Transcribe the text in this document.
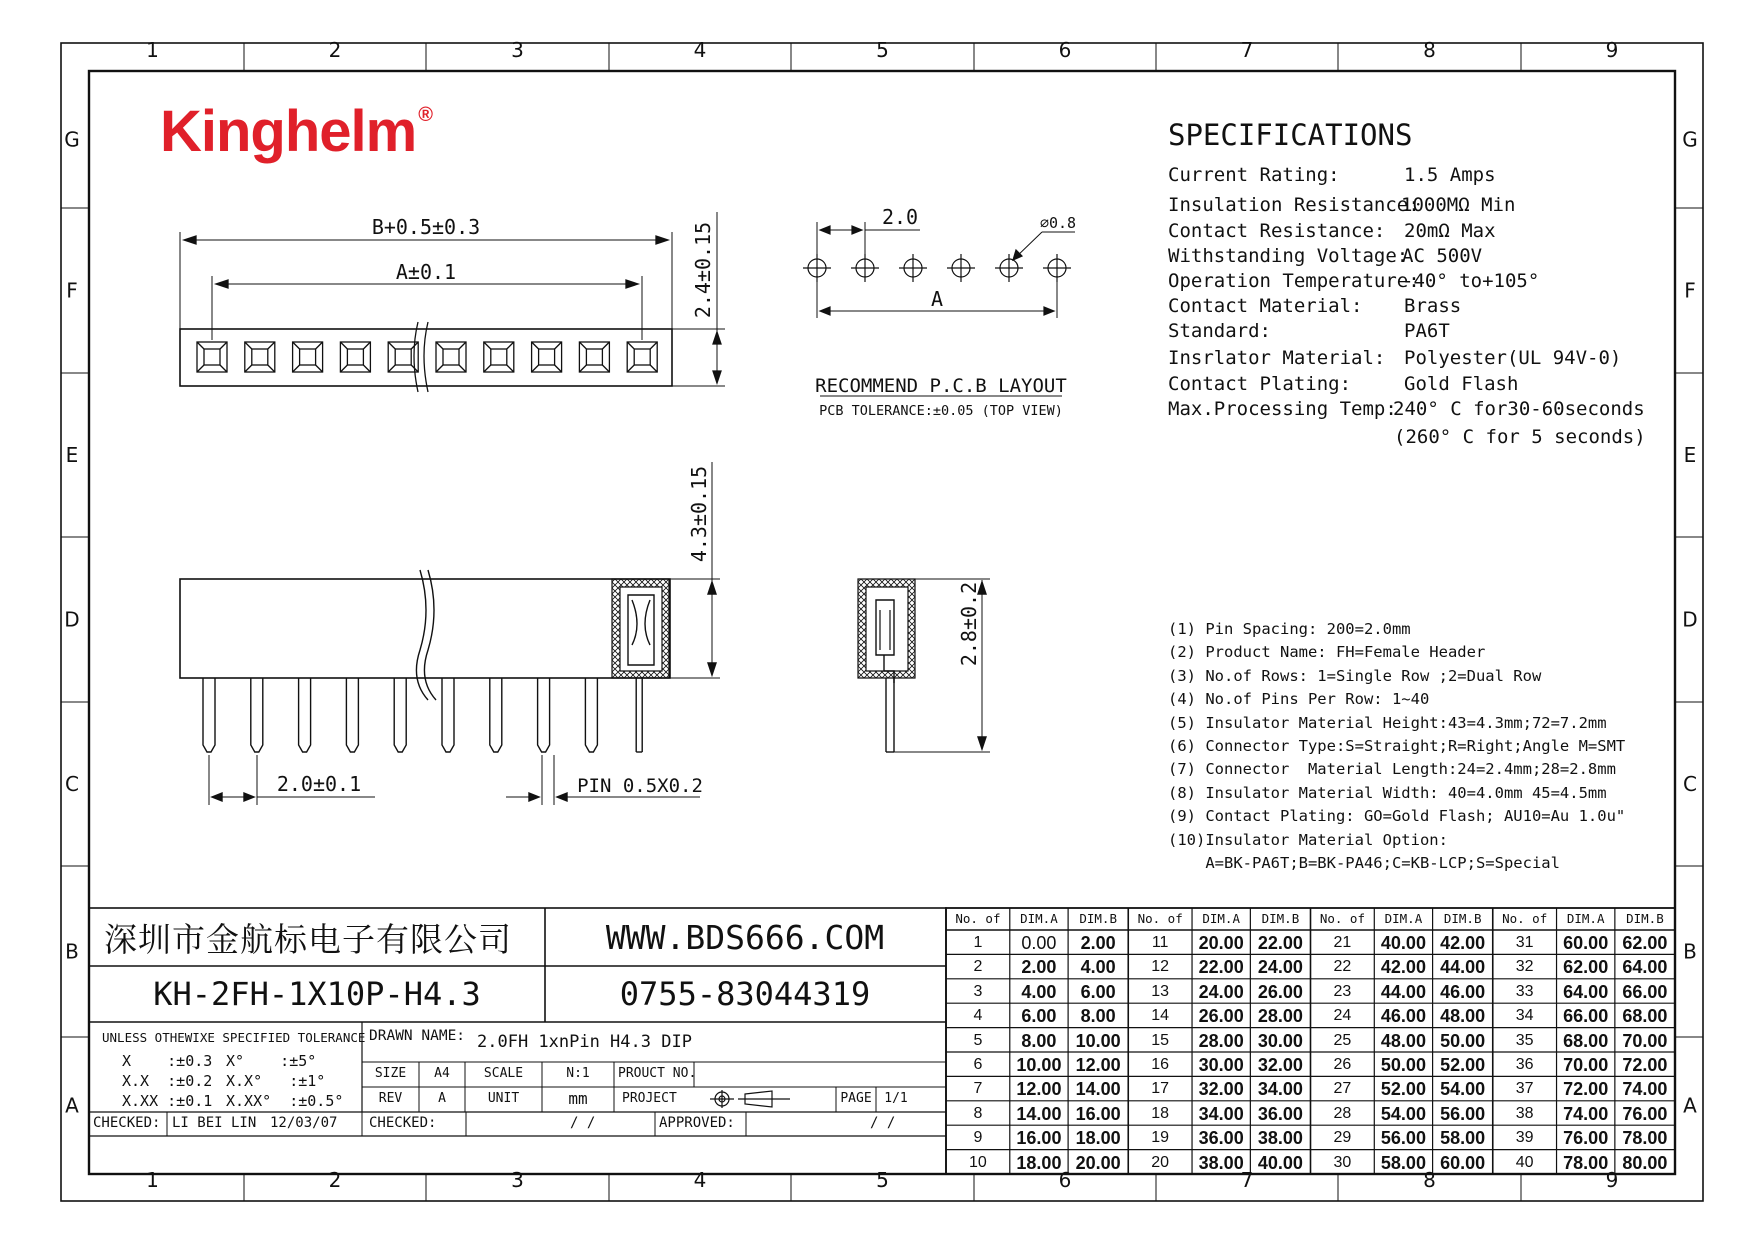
1
1
2
2
3
3
4
4
5
5
6
6
7
7
8
8
9
9
G	G
F	F
E	E
D	D
C	C
B	B
A	A
B+0.5±0.3
A±0.1	2.4±0.15
2.0	⌀0.8
A
RECOMMEND P.C.B LAYOUT
PCB TOLERANCE:±0.05 (TOP VIEW)
4.3±0.15
2.0±0.1	PIN 0.5X0.2
2.8±0.2
Kinghelm ®
SPECIFICATIONS
Current Rating:	1.5 Amps
Insulation Resistance:
1000MΩ Min
Contact Resistance: 20mΩ Max
Withstanding Voltage:
AC 500V
Operation Temperature:
-40° to+105°
Contact Material: Brass
Standard:	PA6T
Insrlator Material: Polyester(UL 94V-0)
Contact Plating:	Gold Flash
Max.Processing Temp:
240° C for30-60seconds
(260° C for 5 seconds)
(1) Pin Spacing: 200=2.0mm
(2) Product Name: FH=Female Header
(3) No.of Rows: 1=Single Row ;2=Dual Row
(4) No.of Pins Per Row: 1~40
(5) Insulator Material Height:43=4.3mm;72=7.2mm
(6) Connector Type:S=Straight;R=Right;Angle M=SMT
(7) Connector  Material Length:24=2.4mm;28=2.8mm
(8) Insulator Material Width: 40=4.0mm 45=4.5mm
(9) Contact Plating: GO=Gold Flash; AU10=Au 1.0u"
(10)Insulator Material Option:
A=BK-PA6T;B=BK-PA46;C=KB-LCP;S=Special
深圳市金航标电子有限公司	WWW.BDS666.COM
KH-2FH-1X10P-H4.3	0755-83044319
UNLESS OTHEWIXE SPECIFIED TOLERANCE
X    :±0.3 X°    :±5°
X.X  :±0.2 X.X°   :±1°
X.XX :±0.1 X.XX°  :±0.5°
DRAWN NAME: 2.0FH 1xnPin H4.3 DIP
SIZE	A4	SCALE	N:1	PROUCT NO.
REV	A	UNIT	mm	PROJECT	PAGE 1/1
CHECKED: LI BEI LIN 12/03/07 CHECKED:	/ /	APPROVED:	/ /
No. of	DIM.A	DIM.B	No. of	DIM.A	DIM.B	No. of	DIM.A	DIM.B	No. of	DIM.A	DIM.B
1	0.00	2.00	11	20.00 22.00	21	40.00 42.00	31	60.00 62.00
2	2.00	4.00	12	22.00 24.00	22	42.00 44.00	32	62.00 64.00
3	4.00	6.00	13	24.00 26.00	23	44.00 46.00	33	64.00 66.00
4	6.00	8.00	14	26.00 28.00	24	46.00 48.00	34	66.00 68.00
5	8.00	10.00	15	28.00 30.00	25	48.00 50.00	35	68.00 70.00
6	10.00 12.00	16	30.00 32.00	26	50.00 52.00	36	70.00 72.00
7	12.00 14.00	17	32.00 34.00	27	52.00 54.00	37	72.00 74.00
8	14.00 16.00	18	34.00 36.00	28	54.00 56.00	38	74.00 76.00
9	16.00 18.00	19	36.00 38.00	29	56.00 58.00	39	76.00 78.00
10	18.00 20.00	20	38.00 40.00	30	58.00 60.00	40	78.00 80.00
